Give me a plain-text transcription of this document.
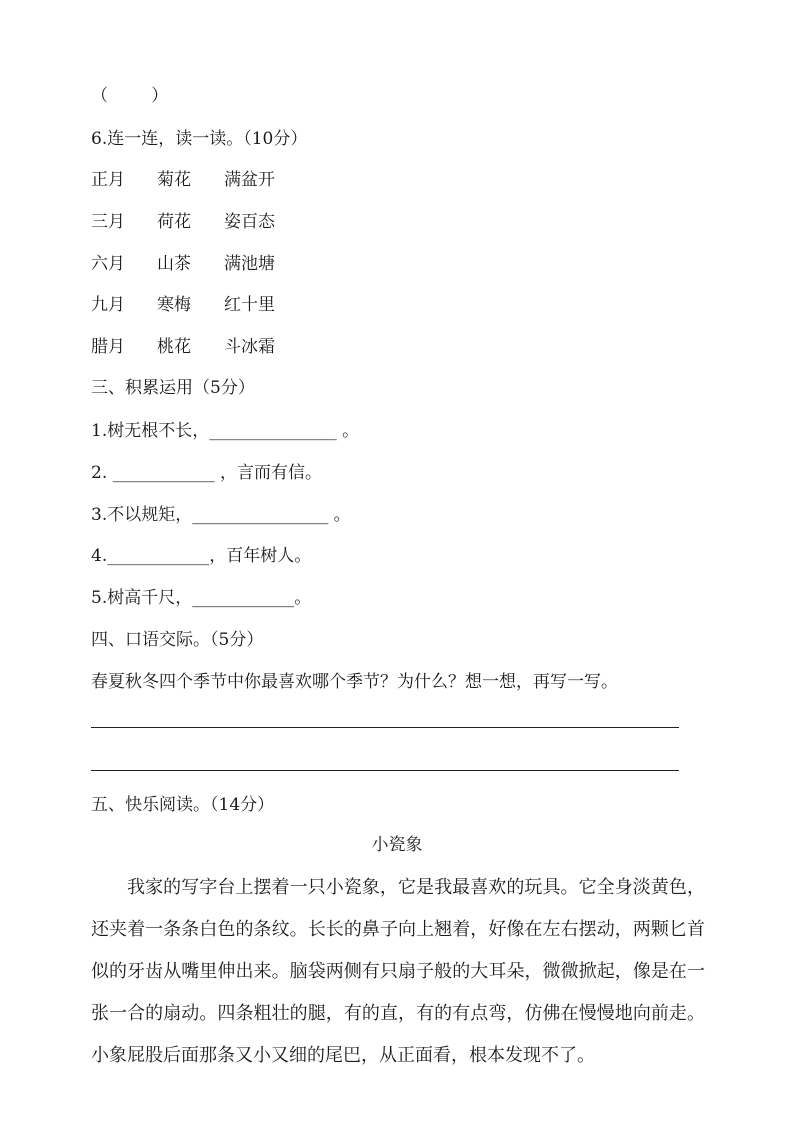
（        ）
6.连一连，读一读。（10分）
正月 菊花 满盆开
三月 荷花 姿百态
六月 山茶 满池塘
九月 寒梅 红十里
腊月 桃花 斗冰霜
三、积累运用（5分）
1.树无根不长，_______________ 。
2. ____________ ，言而有信。
3.不以规矩，________________ 。
4.____________，百年树人。
5.树高千尺，____________。
四、口语交际。（5分）
春夏秋冬四个季节中你最喜欢哪个季节？为什么？想一想，再写一写。
五、快乐阅读。（14分）
小瓷象
我家的写字台上摆着一只小瓷象，它是我最喜欢的玩具。它全身淡黄色，还夹着一条条白色的条纹。长长的鼻子向上翘着，好像在左右摆动，两颗匕首似的牙齿从嘴里伸出来。脑袋两侧有只扇子般的大耳朵，微微掀起，像是在一张一合的扇动。四条粗壮的腿，有的直，有的有点弯，仿佛在慢慢地向前走。小象屁股后面那条又小又细的尾巴，从正面看，根本发现不了。
